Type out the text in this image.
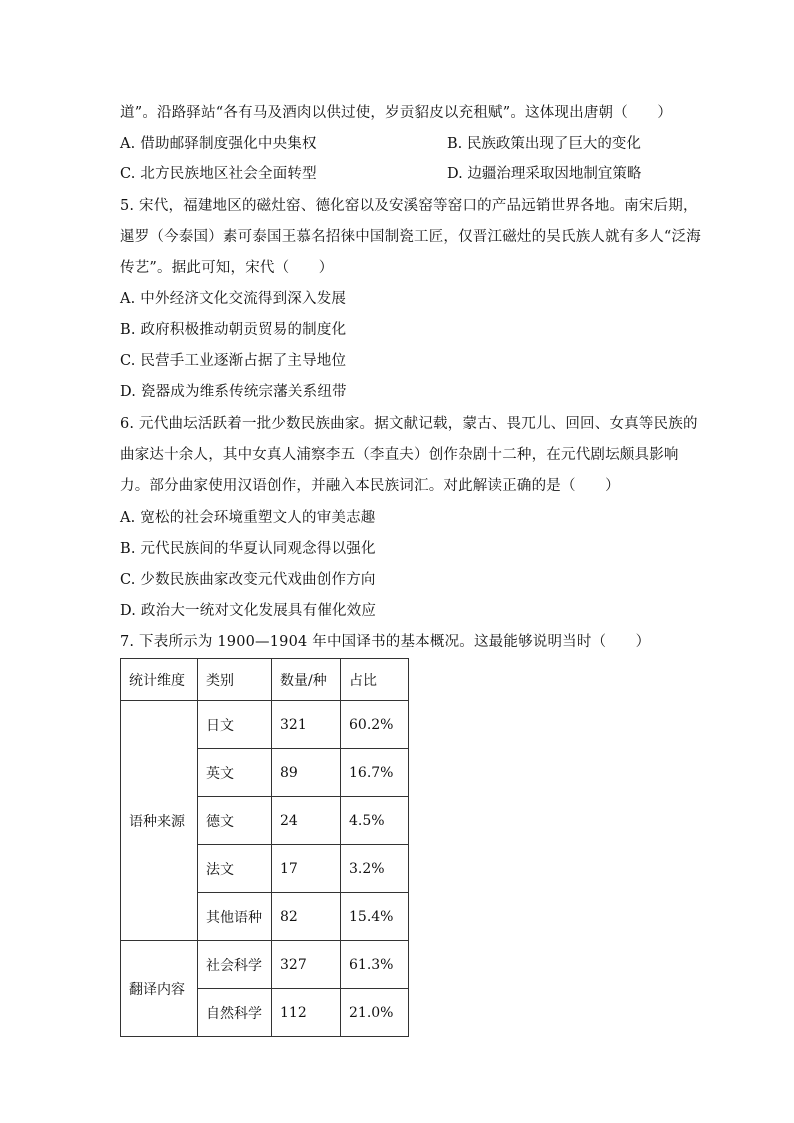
道”。沿路驿站“各有马及酒肉以供过使，岁贡貂皮以充租赋”。这体现出唐朝（　　）
A. 借助邮驿制度强化中央集权	B. 民族政策出现了巨大的变化
C. 北方民族地区社会全面转型	D. 边疆治理采取因地制宜策略
5. 宋代，福建地区的磁灶窑、德化窑以及安溪窑等窑口的产品远销世界各地。南宋后期，
暹罗（今泰国）素可泰国王慕名招徕中国制瓷工匠，仅晋江磁灶的吴氏族人就有多人“泛海
传艺”。据此可知，宋代（　　）
A. 中外经济文化交流得到深入发展
B. 政府积极推动朝贡贸易的制度化
C. 民营手工业逐渐占据了主导地位
D. 瓷器成为维系传统宗藩关系纽带
6. 元代曲坛活跃着一批少数民族曲家。据文献记载，蒙古、畏兀儿、回回、女真等民族的
曲家达十余人，其中女真人浦察李五（李直夫）创作杂剧十二种，在元代剧坛颇具影响
力。部分曲家使用汉语创作，并融入本民族词汇。对此解读正确的是（　　）
A. 宽松的社会环境重塑文人的审美志趣
B. 元代民族间的华夏认同观念得以强化
C. 少数民族曲家改变元代戏曲创作方向
D. 政治大一统对文化发展具有催化效应
7. 下表所示为 1900—1904 年中国译书的基本概况。这最能够说明当时（　　）
统计维度	类别	数量/种	占比
语种来源	日文	321	60.2%
	英文	89	16.7%
	德文	24	4.5%
	法文	17	3.2%
	其他语种	82	15.4%
翻译内容	社会科学	327	61.3%
	自然科学	112	21.0%
